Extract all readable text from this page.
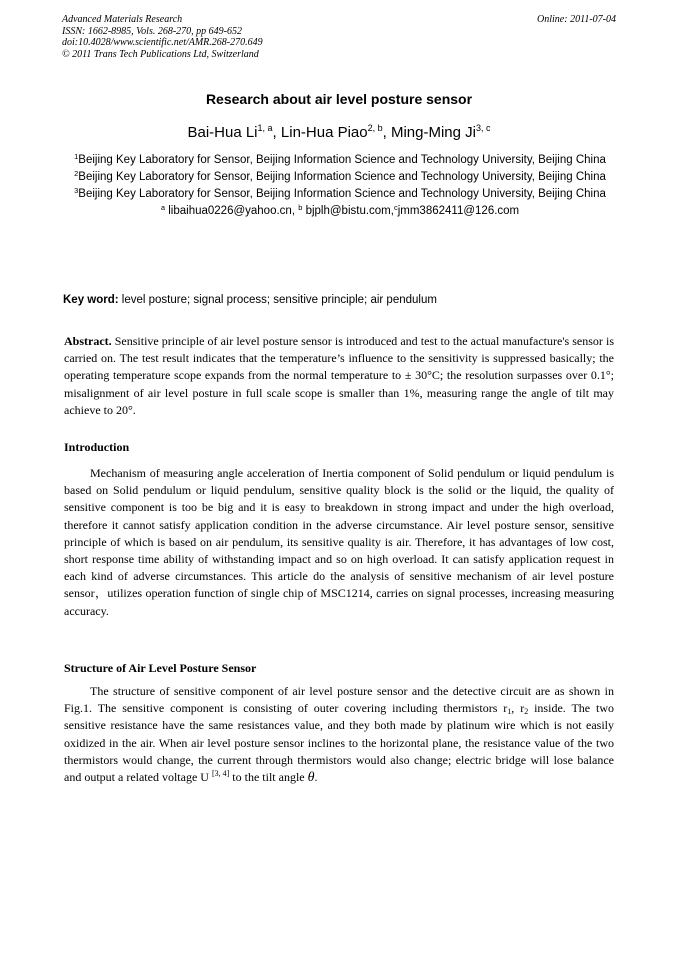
Advanced Materials Research
ISSN: 1662-8985, Vols. 268-270, pp 649-652
doi:10.4028/www.scientific.net/AMR.268-270.649
© 2011 Trans Tech Publications Ltd, Switzerland
Online: 2011-07-04
Research about air level posture sensor
Bai-Hua Li$^{1, a}$, Lin-Hua Piao$^{2, b}$, Ming-Ming Ji$^{3, c}$
$^1$Beijing Key Laboratory for Sensor, Beijing Information Science and Technology University, Beijing China
$^2$Beijing Key Laboratory for Sensor, Beijing Information Science and Technology University, Beijing China
$^3$Beijing Key Laboratory for Sensor, Beijing Information Science and Technology University, Beijing China
$^a$ libaihua0226@yahoo.cn, $^b$ bjplh@bistu.com,$^c$jmm3862411@126.com
Key word: level posture; signal process; sensitive principle; air pendulum
Abstract. Sensitive principle of air level posture sensor is introduced and test to the actual manufacture's sensor is carried on. The test result indicates that the temperature’s influence to the sensitivity is suppressed basically; the operating temperature scope expands from the normal temperature to ± 30°C; the resolution surpasses over 0.1°; misalignment of air level posture in full scale scope is smaller than 1%, measuring range the angle of tilt may achieve to 20°.
Introduction
Mechanism of measuring angle acceleration of Inertia component of Solid pendulum or liquid pendulum is based on Solid pendulum or liquid pendulum, sensitive quality block is the solid or the liquid, the quality of sensitive component is too be big and it is easy to breakdown in strong impact and under the high overload, therefore it cannot satisfy application condition in the adverse circumstance. Air level posture sensor, sensitive principle of which is based on air pendulum, its sensitive quality is air. Therefore, it has advantages of low cost, short response time ability of withstanding impact and so on high overload. It can satisfy application request in each kind of adverse circumstances. This article do the analysis of sensitive mechanism of air level posture sensor，utilizes operation function of single chip of MSC1214, carries on signal processes, increasing measuring accuracy.
Structure of Air Level Posture Sensor
The structure of sensitive component of air level posture sensor and the detective circuit are as shown in Fig.1. The sensitive component is consisting of outer covering including thermistors $r_1$, $r_2$ inside. The two sensitive resistance have the same resistances value, and they both made by platinum wire which is not easily oxidized in the air. When air level posture sensor inclines to the horizontal plane, the resistance value of the two thermistors would change, the current through thermistors would also change; electric bridge will lose balance and output a related voltage U [3, 4] to the tilt angle θ.
